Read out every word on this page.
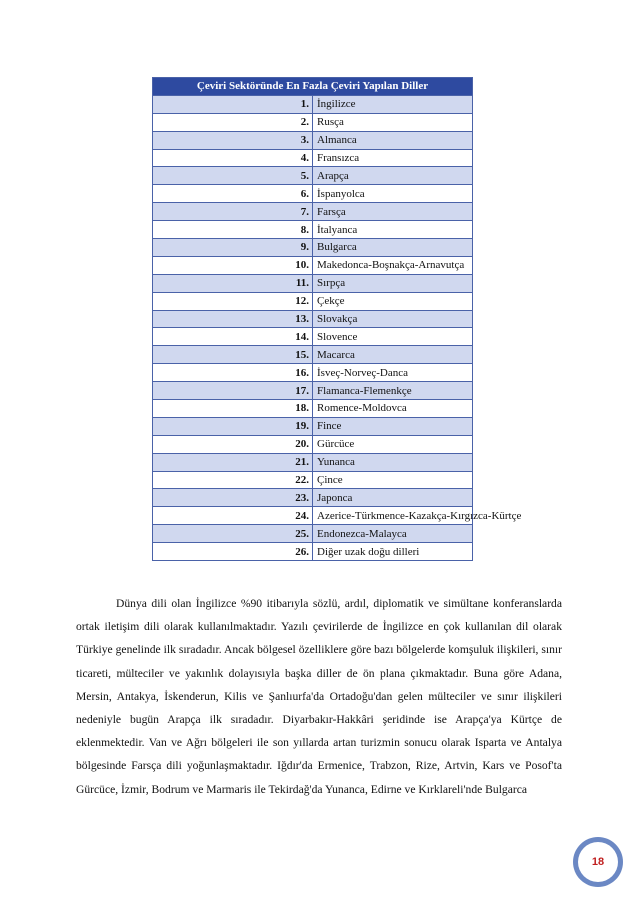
Çeviri Sektöründe En Fazla Çeviri Yapılan Diller	
1.	İngilizce
2.	Rusça
3.	Almanca
4.	Fransızca
5.	Arapça
6.	İspanyolca
7.	Farsça
8.	İtalyanca
9.	Bulgarca
10.	Makedonca-Boşnakça-Arnavutça
11.	Sırpça
12.	Çekçe
13.	Slovakça
14.	Slovence
15.	Macarca
16.	İsveç-Norveç-Danca
17.	Flamanca-Flemenkçe
18.	Romence-Moldovca
19.	Fince
20.	Gürcüce
21.	Yunanca
22.	Çince
23.	Japonca
24.	Azerice-Türkmence-Kazakça-Kırgızca-Kürtçe
25.	Endonezca-Malayca
26.	Diğer uzak doğu dilleri

Dünya dili olan İngilizce %90 itibarıyla sözlü, ardıl, diplomatik ve simültane konferanslarda ortak iletişim dili olarak kullanılmaktadır. Yazılı çevirilerde de İngilizce en çok kullanılan dil olarak Türkiye genelinde ilk sıradadır. Ancak bölgesel özelliklere göre bazı bölgelerde komşuluk ilişkileri, sınır ticareti, mülteciler ve yakınlık dolayısıyla başka diller de ön plana çıkmaktadır. Buna göre Adana, Mersin, Antakya, İskenderun, Kilis ve Şanlıurfa'da Ortadoğu'dan gelen mülteciler ve sınır ilişkileri nedeniyle bugün Arapça ilk sıradadır. Diyarbakır-Hakkâri şeridinde ise Arapça'ya Kürtçe de eklenmektedir. Van ve Ağrı bölgeleri ile son yıllarda artan turizmin sonucu olarak Isparta ve Antalya bölgesinde Farsça dili yoğunlaşmaktadır. Iğdır'da Ermenice, Trabzon, Rize, Artvin, Kars ve Posof'ta Gürcüce, İzmir, Bodrum ve Marmaris ile Tekirdağ'da Yunanca, Edirne ve Kırklareli'nde Bulgarca

18
